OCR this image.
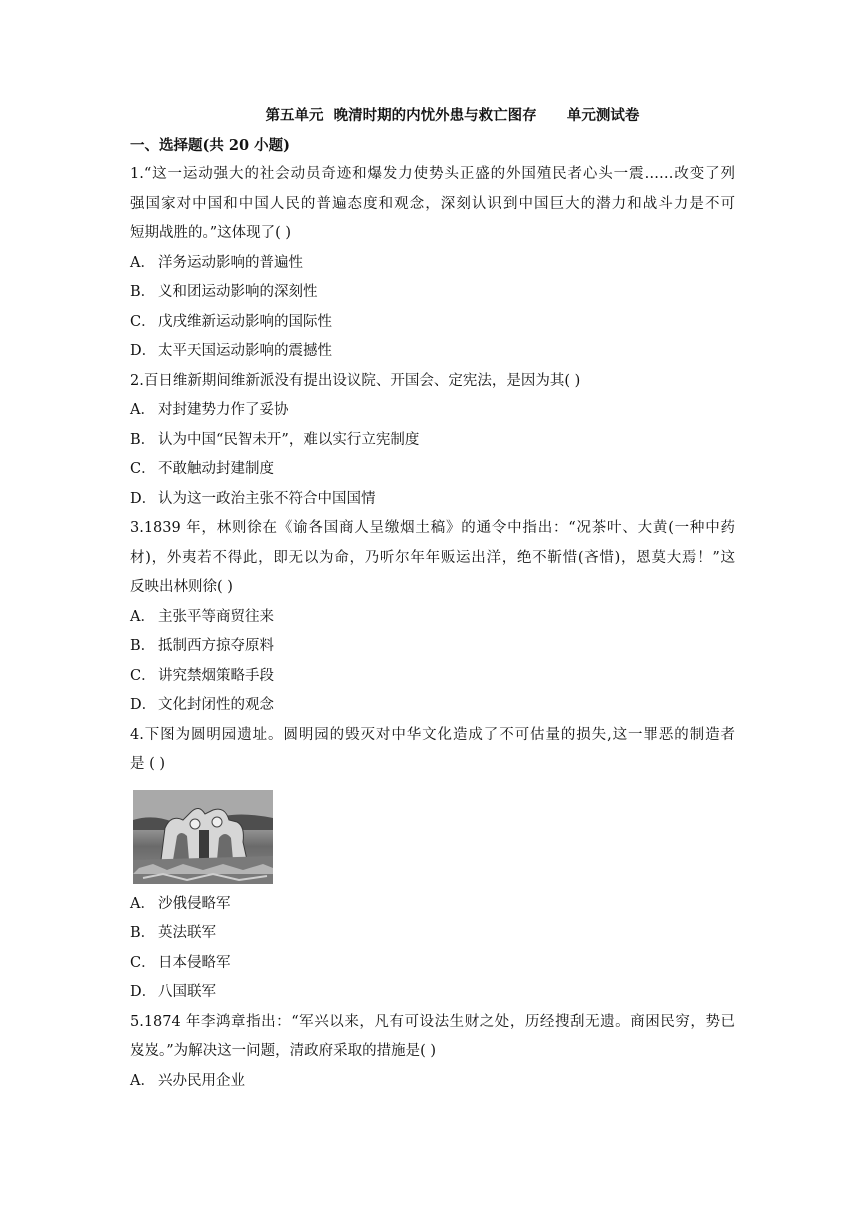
第五单元  晚清时期的内忧外患与救亡图存      单元测试卷
一、选择题(共 20 小题)
1.“这一运动强大的社会动员奇迹和爆发力使势头正盛的外国殖民者心头一震……改变了列
强国家对中国和中国人民的普遍态度和观念，深刻认识到中国巨大的潜力和战斗力是不可
短期战胜的。”这体现了( )
A． 洋务运动影响的普遍性
B． 义和团运动影响的深刻性
C． 戊戌维新运动影响的国际性
D． 太平天国运动影响的震撼性
2.百日维新期间维新派没有提出设议院、开国会、定宪法，是因为其( )
A． 对封建势力作了妥协
B． 认为中国“民智未开”，难以实行立宪制度
C． 不敢触动封建制度
D． 认为这一政治主张不符合中国国情
3.1839 年，林则徐在《谕各国商人呈缴烟土稿》的通令中指出：“况茶叶、大黄(一种中药
材)，外夷若不得此，即无以为命，乃听尔年年贩运出洋，绝不靳惜(吝惜)，恩莫大焉！”这
反映出林则徐( )
A． 主张平等商贸往来
B． 抵制西方掠夺原料
C． 讲究禁烟策略手段
D． 文化封闭性的观念
4.下图为圆明园遗址。圆明园的毁灭对中华文化造成了不可估量的损失,这一罪恶的制造者
是 ( )
A． 沙俄侵略军
B． 英法联军
C． 日本侵略军
D． 八国联军
5.1874 年李鸿章指出：“军兴以来，凡有可设法生财之处，历经搜刮无遗。商困民穷，势已
岌岌。”为解决这一问题，清政府采取的措施是( )
A． 兴办民用企业
